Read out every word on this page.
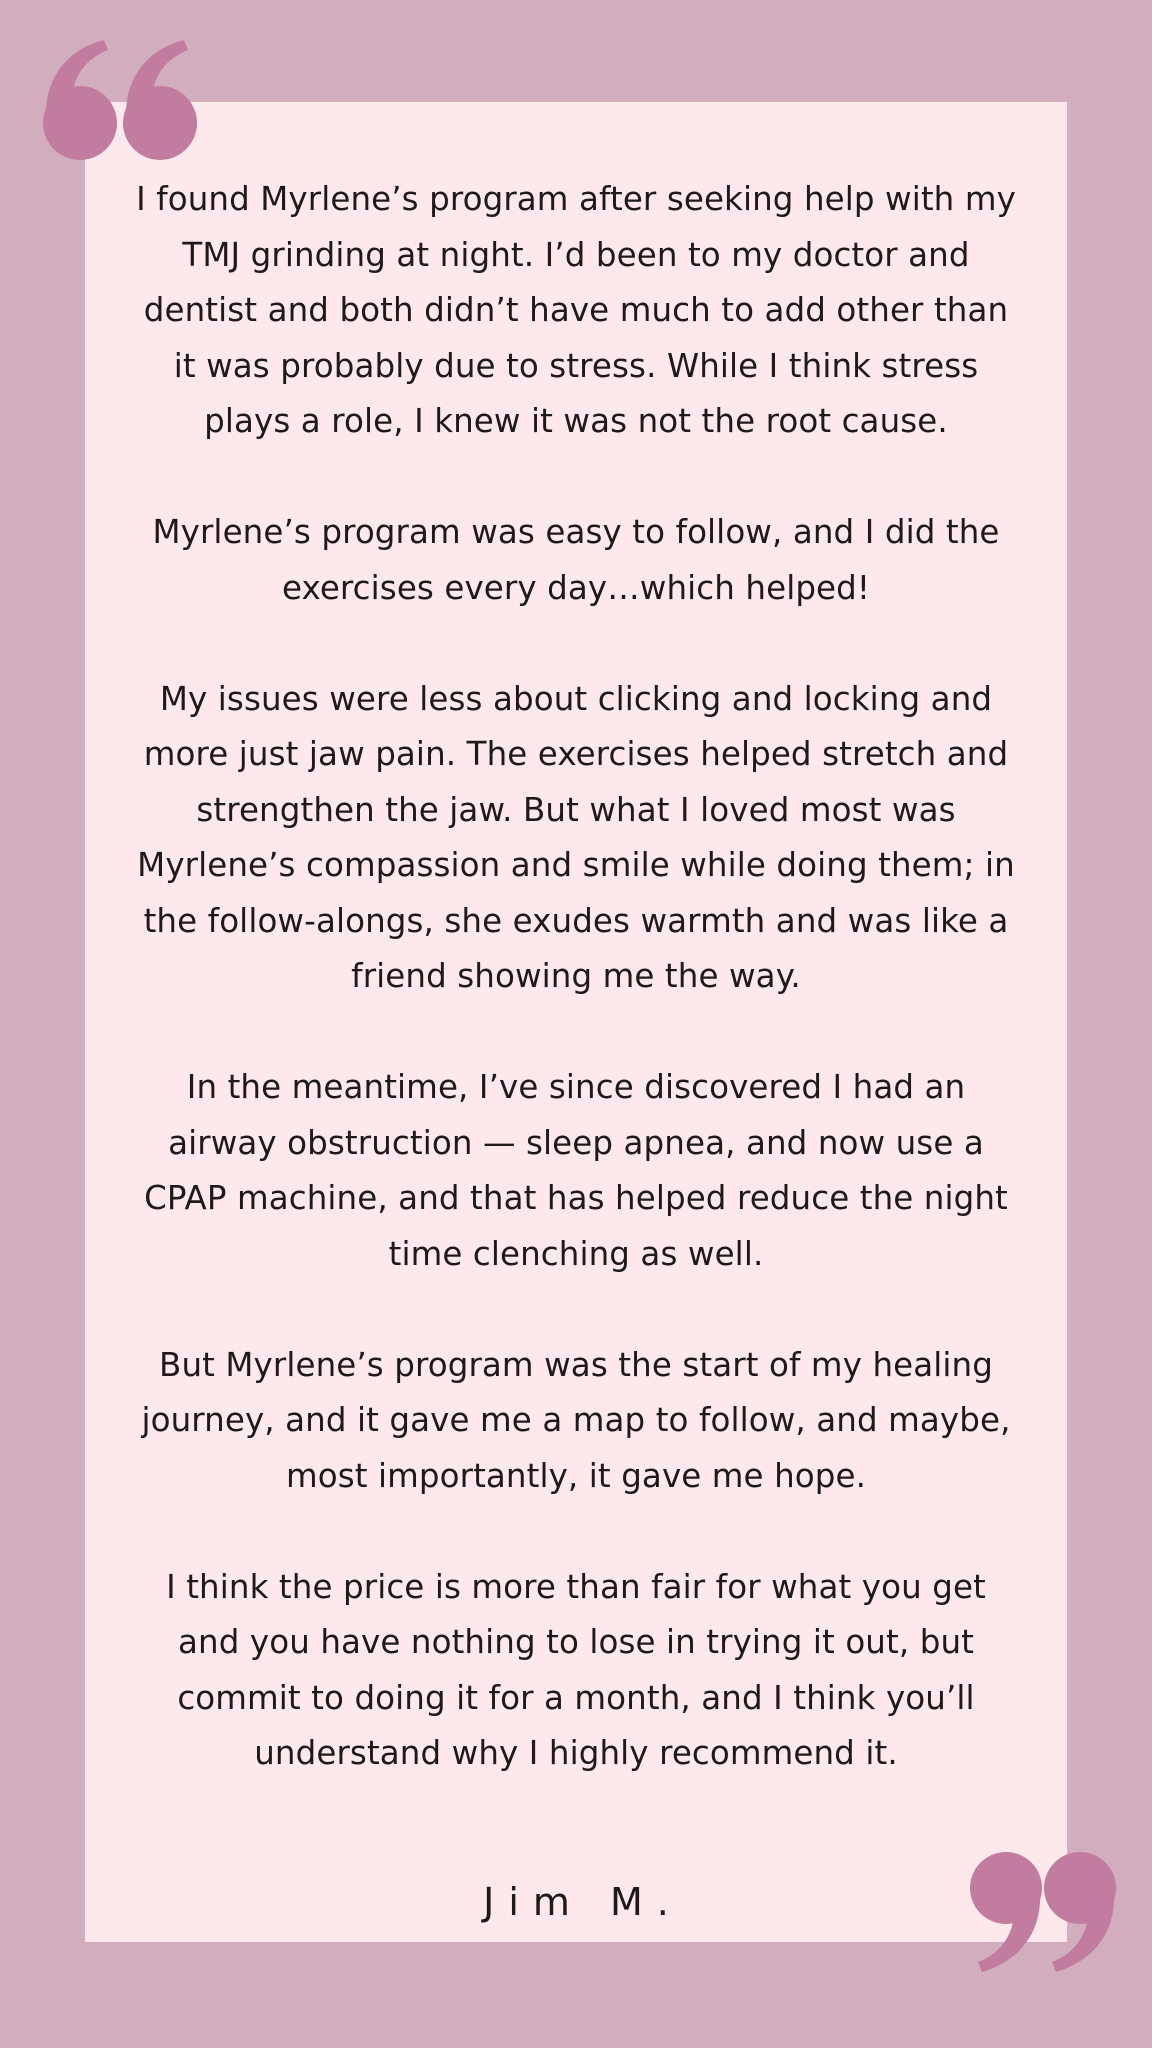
I found Myrlene’s program after seeking help with my TMJ grinding at night. I’d been to my doctor and dentist and both didn’t have much to add other than it was probably due to stress. While I think stress plays a role, I knew it was not the root cause.

Myrlene’s program was easy to follow, and I did the exercises every day…which helped!

My issues were less about clicking and locking and more just jaw pain. The exercises helped stretch and strengthen the jaw. But what I loved most was Myrlene’s compassion and smile while doing them; in the follow-alongs, she exudes warmth and was like a friend showing me the way.

In the meantime, I’ve since discovered I had an airway obstruction — sleep apnea, and now use a CPAP machine, and that has helped reduce the night time clenching as well.

But Myrlene’s program was the start of my healing journey, and it gave me a map to follow, and maybe, most importantly, it gave me hope.

I think the price is more than fair for what you get and you have nothing to lose in trying it out, but commit to doing it for a month, and I think you’ll understand why I highly recommend it.

Jim M.
